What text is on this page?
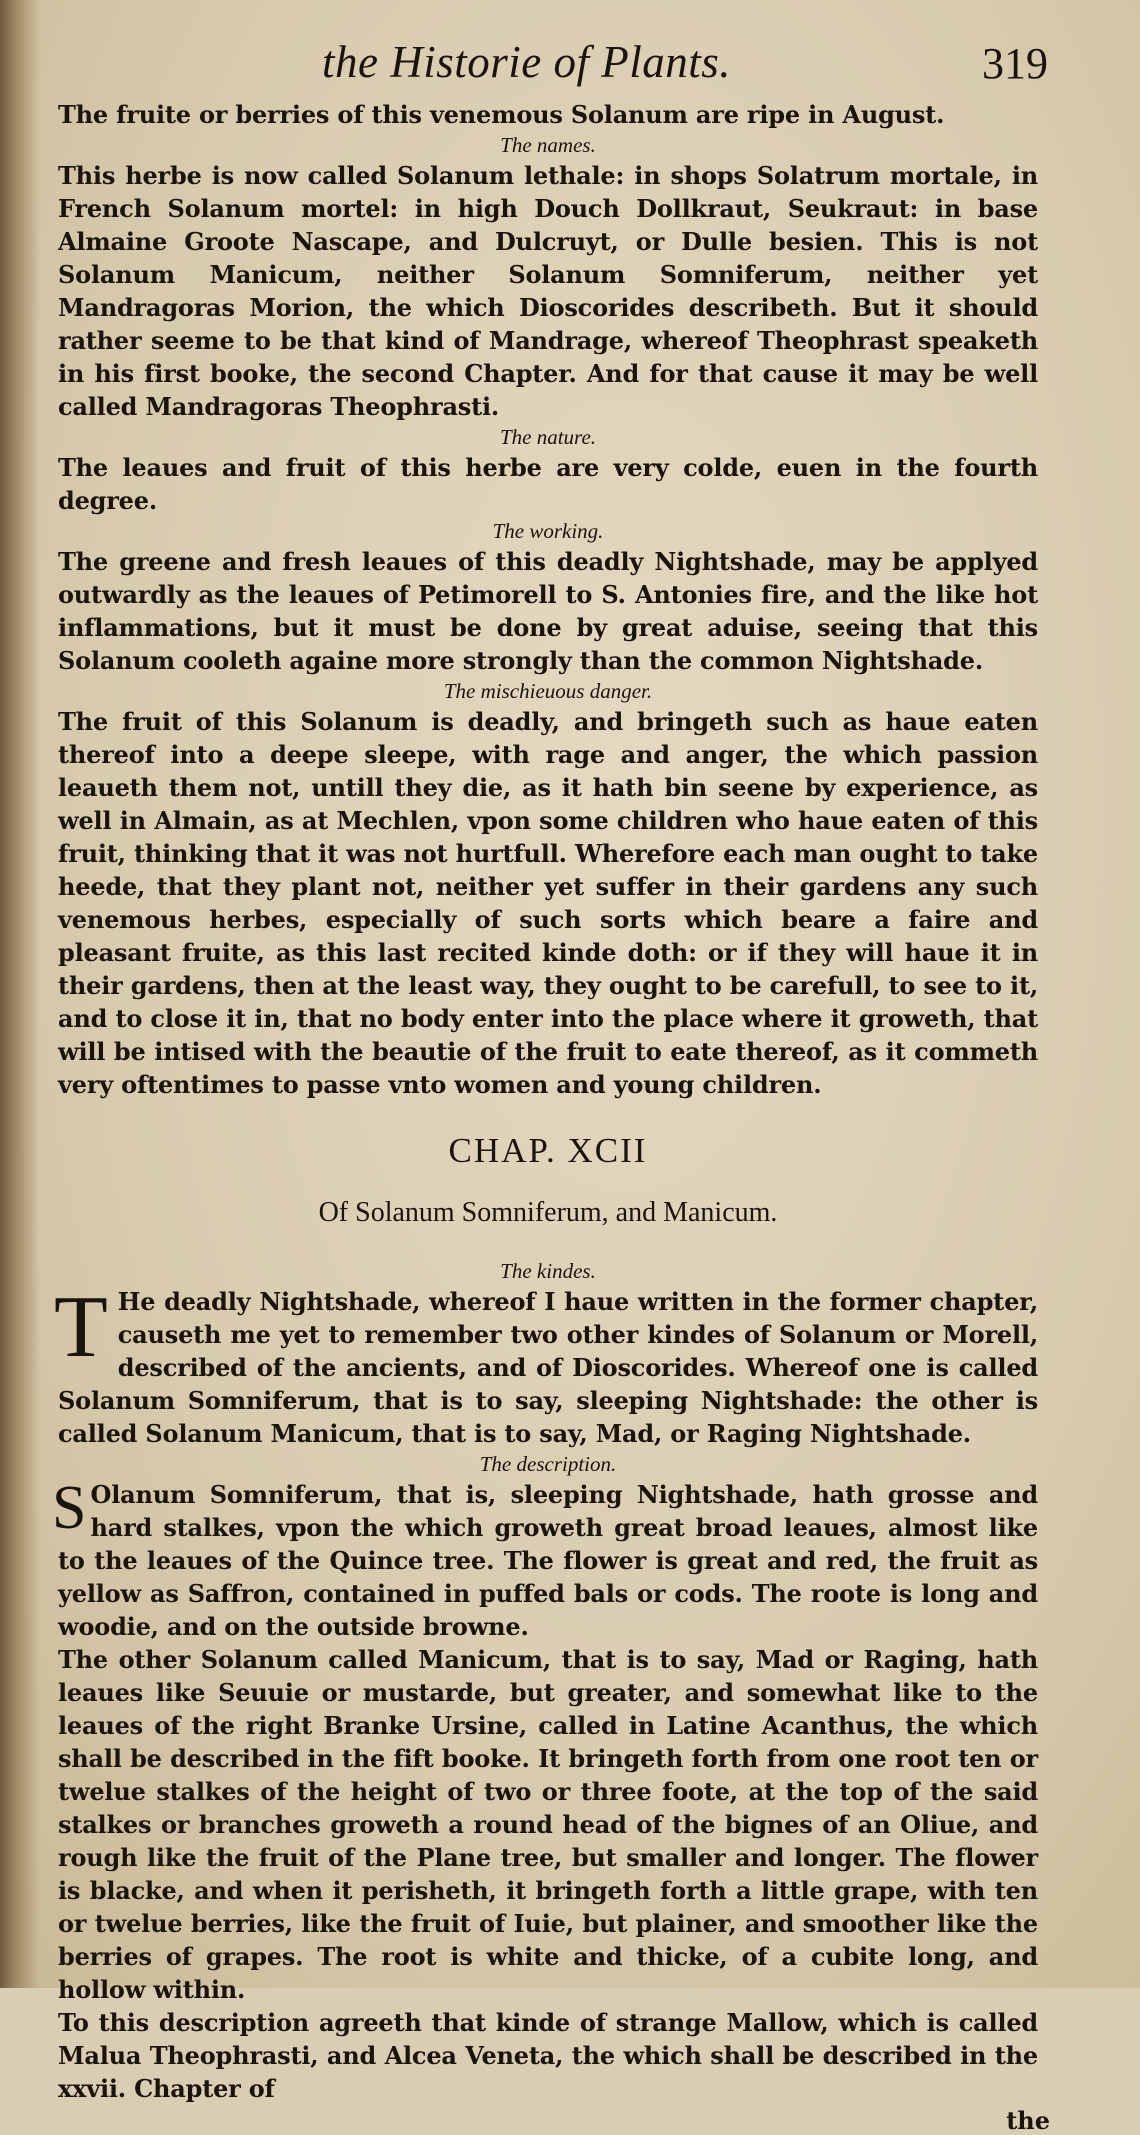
the Historie of Plants.	319

The fruite or berries of this venemous Solanum are ripe in August.

The names.

This herbe is now called Solanum lethale: in shops Solatrum mortale, in French Solanum mortel: in high Douch Dollkraut, Seukraut: in base Almaine Groote Nascape, and Dulcruyt, or Dulle besien. This is not Solanum Manicum, neither Solanum Somniferum, neither yet Mandragoras Morion, the which Dioscorides describeth. But it should rather seeme to be that kind of Mandrage, whereof Theophrast speaketh in his first booke, the second Chapter. And for that cause it may be well called Mandragoras Theophrasti.

The nature.

The leaues and fruit of this herbe are very colde, euen in the fourth degree.

The working.

The greene and fresh leaues of this deadly Nightshade, may be applyed outwardly as the leaues of Petimorell to S. Antonies fire, and the like hot inflammations, but it must be done by great aduise, seeing that this Solanum cooleth againe more strongly than the common Nightshade.

The mischieuous danger.

The fruit of this Solanum is deadly, and bringeth such as haue eaten thereof into a deepe sleepe, with rage and anger, the which passion leaueth them not, untill they die, as it hath bin seene by experience, as well in Almain, as at Mechlen, vpon some children who haue eaten of this fruit, thinking that it was not hurtfull. Wherefore each man ought to take heede, that they plant not, neither yet suffer in their gardens any such venemous herbes, especially of such sorts which beare a faire and pleasant fruite, as this last recited kinde doth: or if they will haue it in their gardens, then at the least way, they ought to be carefull, to see to it, and to close it in, that no body enter into the place where it groweth, that will be intised with the beautie of the fruit to eate thereof, as it commeth very oftentimes to passe vnto women and young children.

CHAP. XCII

Of Solanum Somniferum, and Manicum.

The kindes.

T He deadly Nightshade, whereof I haue written in the former chapter, causeth me yet to remember two other kindes of Solanum or Morell, described of the ancients, and of Dioscorides. Whereof one is called Solanum Somniferum, that is to say, sleeping Nightshade: the other is called Solanum Manicum, that is to say, Mad, or Raging Nightshade.

The description.

S Olanum Somniferum, that is, sleeping Nightshade, hath grosse and hard stalkes, vpon the which groweth great broad leaues, almost like to the leaues of the Quince tree. The flower is great and red, the fruit as yellow as Saffron, contained in puffed bals or cods. The roote is long and woodie, and on the outside browne.

The other Solanum called Manicum, that is to say, Mad or Raging, hath leaues like Seuuie or mustarde, but greater, and somewhat like to the leaues of the right Branke Ursine, called in Latine Acanthus, the which shall be described in the fift booke. It bringeth forth from one root ten or twelue stalkes of the height of two or three foote, at the top of the said stalkes or branches groweth a round head of the bignes of an Oliue, and rough like the fruit of the Plane tree, but smaller and longer. The flower is blacke, and when it perisheth, it bringeth forth a little grape, with ten or twelue berries, like the fruit of Iuie, but plainer, and smoother like the berries of grapes. The root is white and thicke, of a cubite long, and hollow within.

To this description agreeth that kinde of strange Mallow, which is called Malua Theophrasti, and Alcea Veneta, the which shall be described in the xxvii. Chapter of

the
